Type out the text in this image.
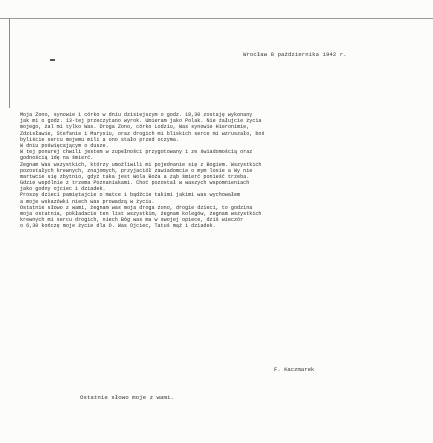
Wrocław 8 października 1942 r.
Moja Żono, synowie i córko w dniu dzisiejszym o godz. 18,30 zostaję wykonany
jak mi o godz. 13-tej przeczytano wyrok. Umieram jako Polak. Nie żałujcie życia
mojego, żal mi tylko Was. Droga Żono, córko Lodziu, Was synowie Hieronimie,
Zdzisławie, Stefanie i Marysiu, oraz drogich mi bliskich serce mi wzruszało, boś
byliście sercu mojemu mili a ono stało przed oczyma.
W dniu poświęcającym o dusze.
W tej ponurej chwili jestem w zupełności przygotowany i ze świadomością oraz
godnością idę na śmierć.
Żegnam Was wszystkich, którzy umożliwili mi pojednanie się z Bogiem. Wszystkich
pozostałych krewnych, znajomych, przyjaciół zawiadomcie o mym losie a Wy nie
martwcie się zbytnio, gdyż taka jest Wola Boża a ząb śmierć ponieść trzeba.
Gdzie wspólnie z trzema Poznaniakami. Choć pozostał w waszych wspomnieniach
jako godny ojciec i dziadek.
Proszę dzieci pamiętajcie o matce i bądźcie takimi jakimi was wychowałem
a moje wskazówki niech was prowadzą w życiu.
Ostatnie słowo z wami, żegnam was moja droga żono, drogie dzieci, to godzina
moja ostatnia, pokładacie ten list wszystkim, żegnam kolegów, żegnam wszystkich
krewnych mi sercu drogich, niech Bóg was ma w swojej opiece, dziś wieczór
o 6,30 kończę moje życie dla O. Was Ojciec, Tatuś mąż i dziadek.
F. Kaczmarek
Ostatnie słowo moje z wami.
